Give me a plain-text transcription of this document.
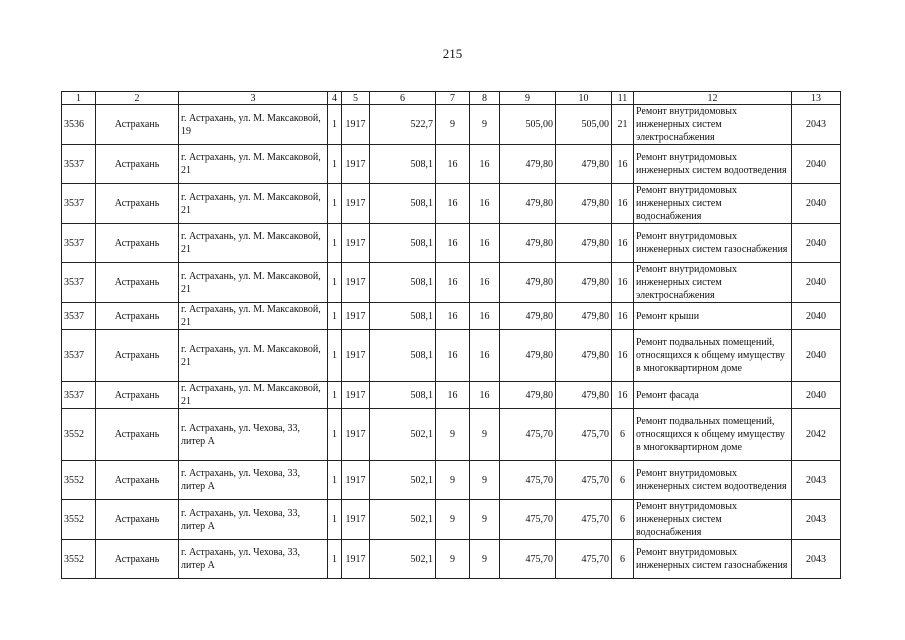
215
1	2	3	4	5	6	7	8	9	10	11	12	13
3536	Астрахань	г. Астрахань, ул. М. Максаковой, 19	1	1917	522,7	9	9	505,00	505,00	21	Ремонт внутридомовых инженерных систем электроснабжения	2043
3537	Астрахань	г. Астрахань, ул. М. Максаковой, 21	1	1917	508,1	16	16	479,80	479,80	16	Ремонт внутридомовых инженерных систем водоотведения	2040
3537	Астрахань	г. Астрахань, ул. М. Максаковой, 21	1	1917	508,1	16	16	479,80	479,80	16	Ремонт внутридомовых инженерных систем водоснабжения	2040
3537	Астрахань	г. Астрахань, ул. М. Максаковой, 21	1	1917	508,1	16	16	479,80	479,80	16	Ремонт внутридомовых инженерных систем газоснабжения	2040
3537	Астрахань	г. Астрахань, ул. М. Максаковой, 21	1	1917	508,1	16	16	479,80	479,80	16	Ремонт внутридомовых инженерных систем электроснабжения	2040
3537	Астрахань	г. Астрахань, ул. М. Максаковой, 21	1	1917	508,1	16	16	479,80	479,80	16	Ремонт крыши	2040
3537	Астрахань	г. Астрахань, ул. М. Максаковой, 21	1	1917	508,1	16	16	479,80	479,80	16	Ремонт подвальных помещений, относящихся к общему имуществу в многоквартирном доме	2040
3537	Астрахань	г. Астрахань, ул. М. Максаковой, 21	1	1917	508,1	16	16	479,80	479,80	16	Ремонт фасада	2040
3552	Астрахань	г. Астрахань, ул. Чехова, 33, литер А	1	1917	502,1	9	9	475,70	475,70	6	Ремонт подвальных помещений, относящихся к общему имуществу в многоквартирном доме	2042
3552	Астрахань	г. Астрахань, ул. Чехова, 33, литер А	1	1917	502,1	9	9	475,70	475,70	6	Ремонт внутридомовых инженерных систем водоотведения	2043
3552	Астрахань	г. Астрахань, ул. Чехова, 33, литер А	1	1917	502,1	9	9	475,70	475,70	6	Ремонт внутридомовых инженерных систем водоснабжения	2043
3552	Астрахань	г. Астрахань, ул. Чехова, 33, литер А	1	1917	502,1	9	9	475,70	475,70	6	Ремонт внутридомовых инженерных систем газоснабжения	2043
